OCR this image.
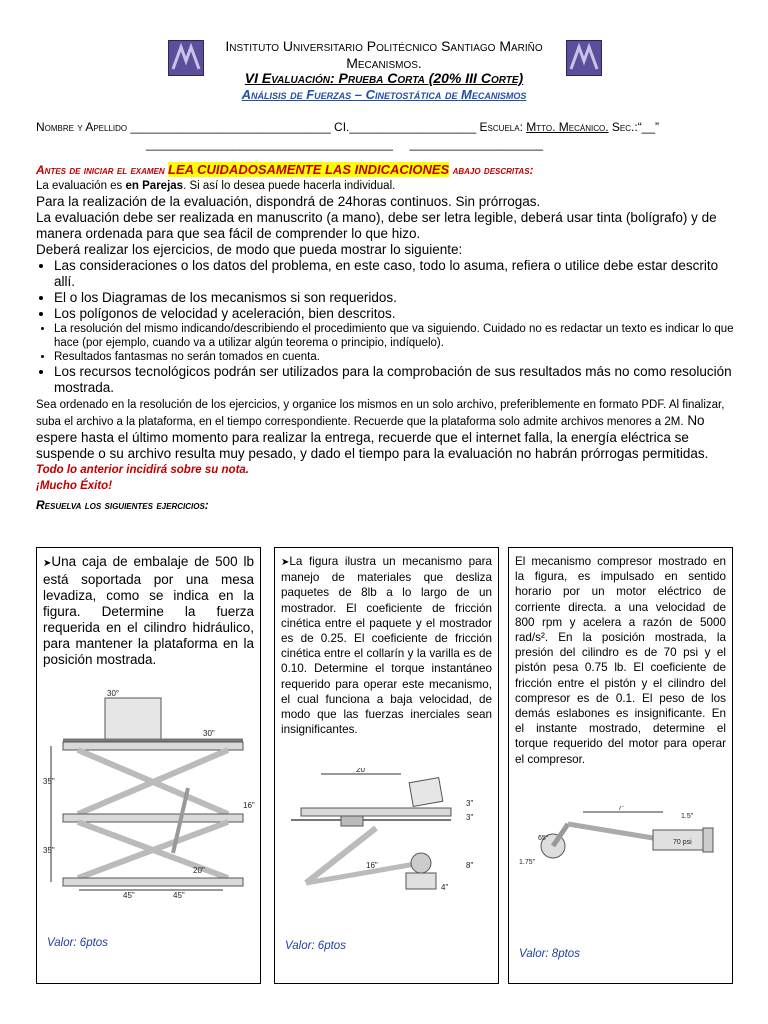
Instituto Universitario Politécnico Santiago Mariño
Mecanismos.
VI Evaluación: Prueba Corta (20% III Corte)
Análisis de Fuerzas – Cinetostática de Mecanismos
Nombre y Apellido ______________________________ CI.___________________ Escuela: Mtto. Mecánico. Sec.:“__”
_____________________________________ ____________________

Antes de iniciar el examen LEA CUIDADOSAMENTE LAS INDICACIONES abajo descritas:

La evaluación es en Parejas. Si así lo desea puede hacerla individual.

Para la realización de la evaluación, dispondrá de 24horas continuos. Sin prórrogas.

La evaluación debe ser realizada en manuscrito (a mano), debe ser letra legible, deberá usar tinta (bolígrafo) y de manera ordenada para que sea fácil de comprender lo que hizo.

Deberá realizar los ejercicios, de modo que pueda mostrar lo siguiente:

• Las consideraciones o los datos del problema, en este caso, todo lo asuma, refiera o utilice debe estar descrito allí.
• El o los Diagramas de los mecanismos si son requeridos.
• Los polígonos de velocidad y aceleración, bien descritos.
• La resolución del mismo indicando/describiendo el procedimiento que va siguiendo. Cuidado no es redactar un texto es indicar lo que hace (por ejemplo, cuando va a utilizar algún teorema o principio, indíquelo).
• Resultados fantasmas no serán tomados en cuenta.
• Los recursos tecnológicos podrán ser utilizados para la comprobación de sus resultados más no como resolución mostrada.

Sea ordenado en la resolución de los ejercicios, y organice los mismos en un solo archivo, preferiblemente en formato PDF. Al finalizar, suba el archivo a la plataforma, en el tiempo correspondiente. Recuerde que la plataforma solo admite archivos menores a 2M. No espere hasta el último momento para realizar la entrega, recuerde que el internet falla, la energía eléctrica se suspende o su archivo resulta muy pesado, y dado el tiempo para la evaluación no habrán prórrogas permitidas.

Todo lo anterior incidirá sobre su nota.

¡Mucho Éxito!

Resuelva los siguientes ejercicios:
➤Una caja de embalaje de 500 lb está soportada por una mesa levadiza, como se indica en la figura. Determine la fuerza requerida en el cilindro hidráulico, para mantener la plataforma en la posición mostrada.
30°
30"
35"
16"
35"
20"
45"	45"
Valor: 6ptos
➤La figura ilustra un mecanismo para manejo de materiales que desliza paquetes de 8lb a lo largo de un mostrador. El coeficiente de fricción cinética entre el paquete y el mostrador es de 0.25. El coeficiente de fricción cinética entre el collarín y la varilla es de 0.10. Determine el torque instantáneo requerido para operar este mecanismo, el cual funciona a baja velocidad, de modo que las fuerzas inerciales sean insignificantes.
20"
3"
3"
16"	8"
4"
Valor: 6ptos
El mecanismo compresor mostrado en la figura, es impulsado en sentido horario por un motor eléctrico de corriente directa. a una velocidad de 800 rpm y acelera a razón de 5000 rad/s². En la posición mostrada, la presión del cilindro es de 70 psi y el pistón pesa 0.75 lb. El coeficiente de fricción entre el pistón y el cilindro del compresor es de 0.1. El peso de los demás eslabones es insignificante. En el instante mostrado, determine el torque requerido del motor para operar el compresor.
7"
1.5"
70 psi
65°
1.75"
Valor: 8ptos
